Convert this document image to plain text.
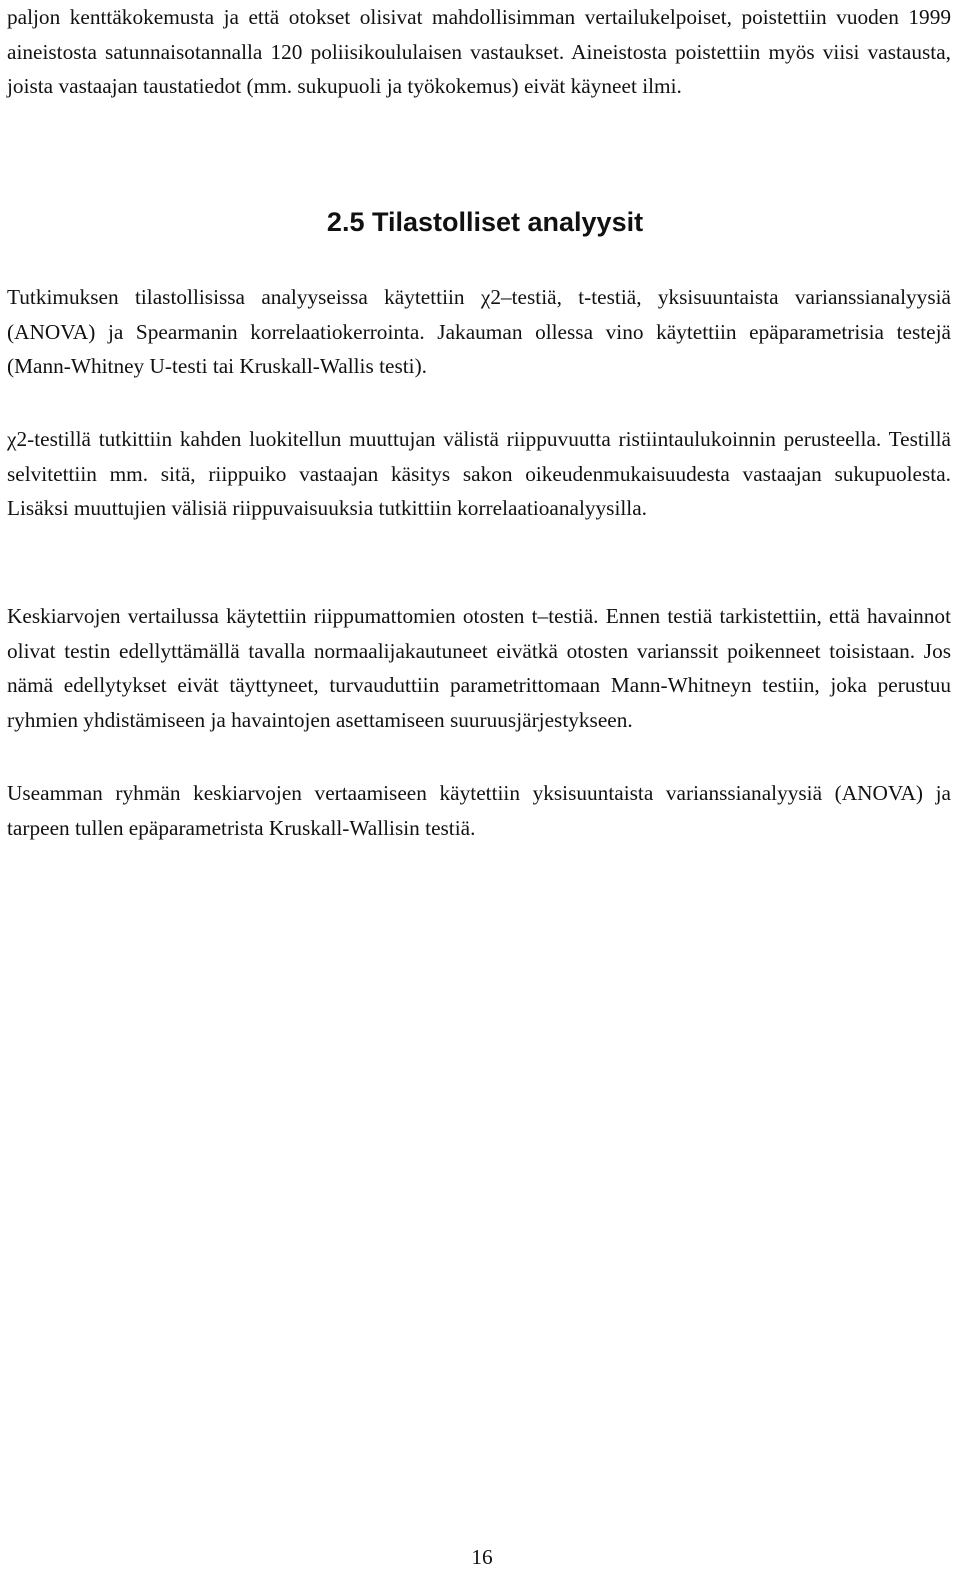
paljon kenttäkokemusta ja että otokset olisivat mahdollisimman vertailukelpoiset, poistettiin vuoden 1999 aineistosta satunnaisotannalla 120 poliisikoululaisen vastaukset. Aineistosta poistettiin myös viisi vastausta, joista vastaajan taustatiedot (mm. sukupuoli ja työkokemus) eivät käyneet ilmi.

2.5 Tilastolliset analyysit

Tutkimuksen tilastollisissa analyyseissa käytettiin χ2–testiä, t-testiä, yksisuuntaista varianssianalyysiä (ANOVA) ja Spearmanin korrelaatiokerrointa. Jakauman ollessa vino käytettiin epäparametrisia testejä (Mann-Whitney U-testi tai Kruskall-Wallis testi).

χ2-testillä tutkittiin kahden luokitellun muuttujan välistä riippuvuutta ristiintaulukoinnin perusteella. Testillä selvitettiin mm. sitä, riippuiko vastaajan käsitys sakon oikeudenmukaisuudesta vastaajan sukupuolesta. Lisäksi muuttujien välisiä riippuvaisuuksia tutkittiin korrelaatioanalyysilla.

Keskiarvojen vertailussa käytettiin riippumattomien otosten t–testiä. Ennen testiä tarkistettiin, että havainnot olivat testin edellyttämällä tavalla normaalijakautuneet eivätkä otosten varianssit poikenneet toisistaan. Jos nämä edellytykset eivät täyttyneet, turvauduttiin parametrittomaan Mann-Whitneyn testiin, joka perustuu ryhmien yhdistämiseen ja havaintojen asettamiseen suuruusjärjestykseen.

Useamman ryhmän keskiarvojen vertaamiseen käytettiin yksisuuntaista varianssianalyysiä (ANOVA) ja tarpeen tullen epäparametrista Kruskall-Wallisin testiä.

16
